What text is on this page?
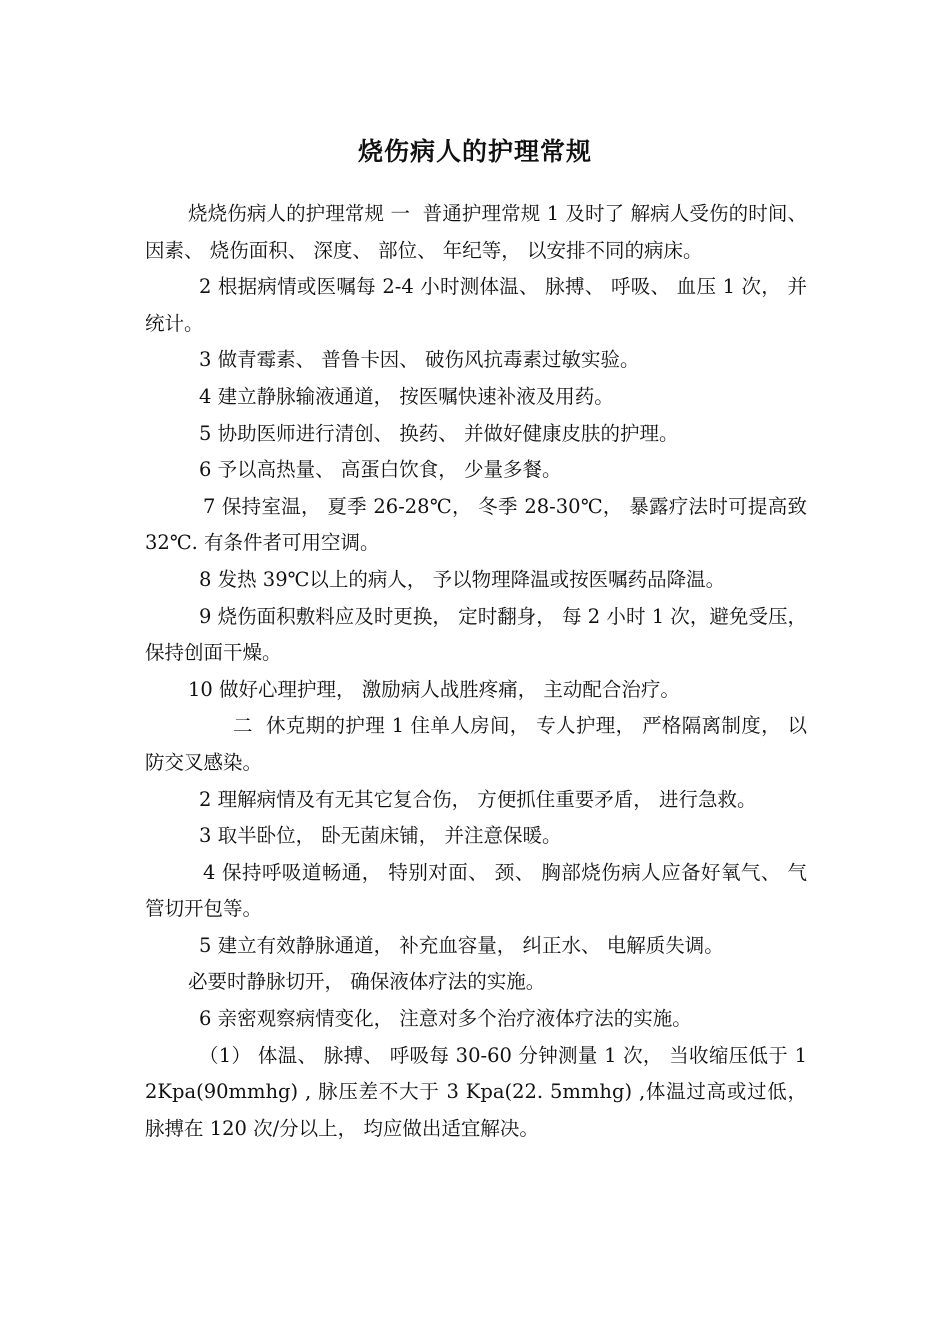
烧伤病人的护理常规

烧烧伤病人的护理常规 一  普通护理常规 1 及时了 解病人受伤的时间、 因素、 烧伤面积、 深度、 部位、 年纪等， 以安排不同的病床。

2 根据病情或医嘱每 2-4 小时测体温、 脉搏、 呼吸、 血压 1 次， 并统计。

3 做青霉素、 普鲁卡因、 破伤风抗毒素过敏实验。

4 建立静脉输液通道， 按医嘱快速补液及用药。

5 协助医师进行清创、 换药、 并做好健康皮肤的护理。

6 予以高热量、 高蛋白饮食， 少量多餐。

7 保持室温， 夏季 26-28℃， 冬季 28-30℃， 暴露疗法时可提高致 32℃. 有条件者可用空调。

8 发热 39℃以上的病人， 予以物理降温或按医嘱药品降温。

9 烧伤面积敷料应及时更换， 定时翻身， 每 2 小时 1 次，避免受压， 保持创面干燥。

10 做好心理护理， 激励病人战胜疼痛， 主动配合治疗。

二  休克期的护理 1 住单人房间， 专人护理， 严格隔离制度， 以防交叉感染。

2 理解病情及有无其它复合伤， 方便抓住重要矛盾， 进行急救。

3 取半卧位， 卧无菌床铺， 并注意保暖。

4 保持呼吸道畅通， 特别对面、 颈、 胸部烧伤病人应备好氧气、 气管切开包等。

5 建立有效静脉通道， 补充血容量， 纠正水、 电解质失调。

必要时静脉切开， 确保液体疗法的实施。

6 亲密观察病情变化， 注意对多个治疗液体疗法的实施。

（1） 体温、 脉搏、 呼吸每 30-60 分钟测量 1 次， 当收缩压低于 12Kpa(90mmhg) , 脉压差不大于 3 Kpa(22. 5mmhg) ,体温过高或过低， 脉搏在 120 次/分以上， 均应做出适宜解决。
